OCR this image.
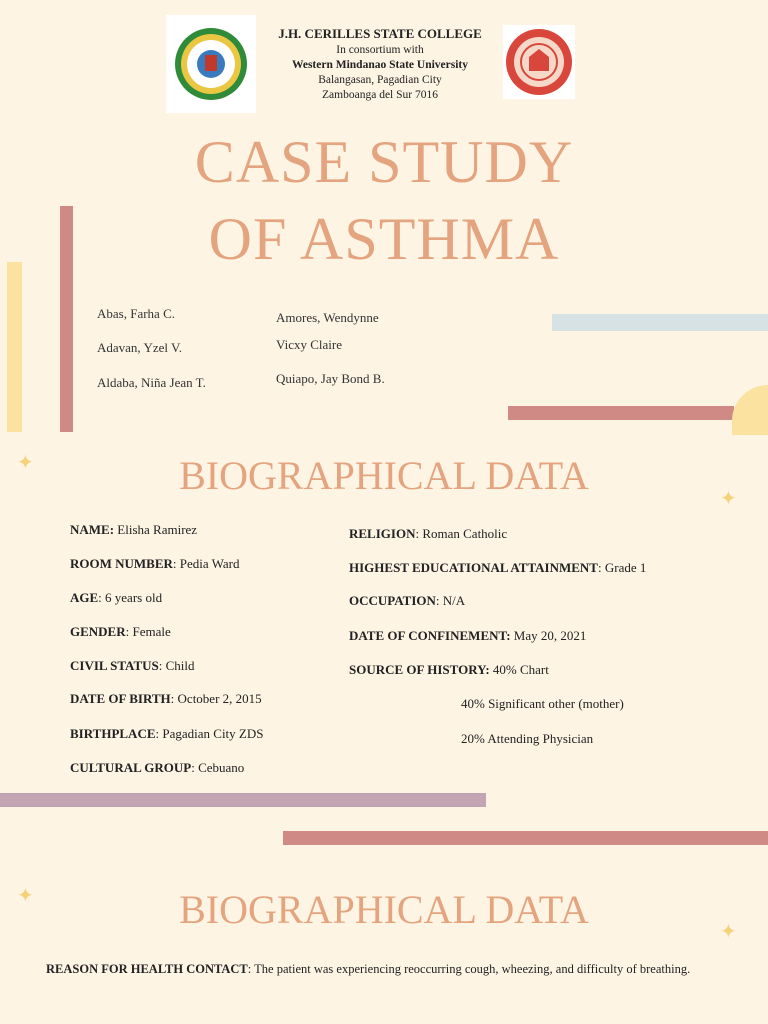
✦
✦
✦
✦
J.H. CERILLES STATE COLLEGE
In consortium with
Western Mindanao State University
Balangasan, Pagadian City
Zamboanga del Sur 7016
CASE STUDY
OF ASTHMA
Abas, Farha C.
Adavan, Yzel V.
Aldaba, Niña Jean T.
Amores, Wendynne
Vicxy Claire
Quiapo, Jay Bond B.
BIOGRAPHICAL DATA
NAME: Elisha Ramirez
ROOM NUMBER: Pedia Ward
AGE: 6 years old
GENDER: Female
CIVIL STATUS: Child
DATE OF BIRTH: October 2, 2015
BIRTHPLACE: Pagadian City ZDS
CULTURAL GROUP: Cebuano
RELIGION: Roman Catholic
HIGHEST EDUCATIONAL ATTAINMENT: Grade 1
OCCUPATION: N/A
DATE OF CONFINEMENT: May 20, 2021
SOURCE OF HISTORY: 40% Chart
40% Significant other (mother)
20% Attending Physician
BIOGRAPHICAL DATA
REASON FOR HEALTH CONTACT: The patient was experiencing reoccurring cough, wheezing, and difficulty of breathing.
